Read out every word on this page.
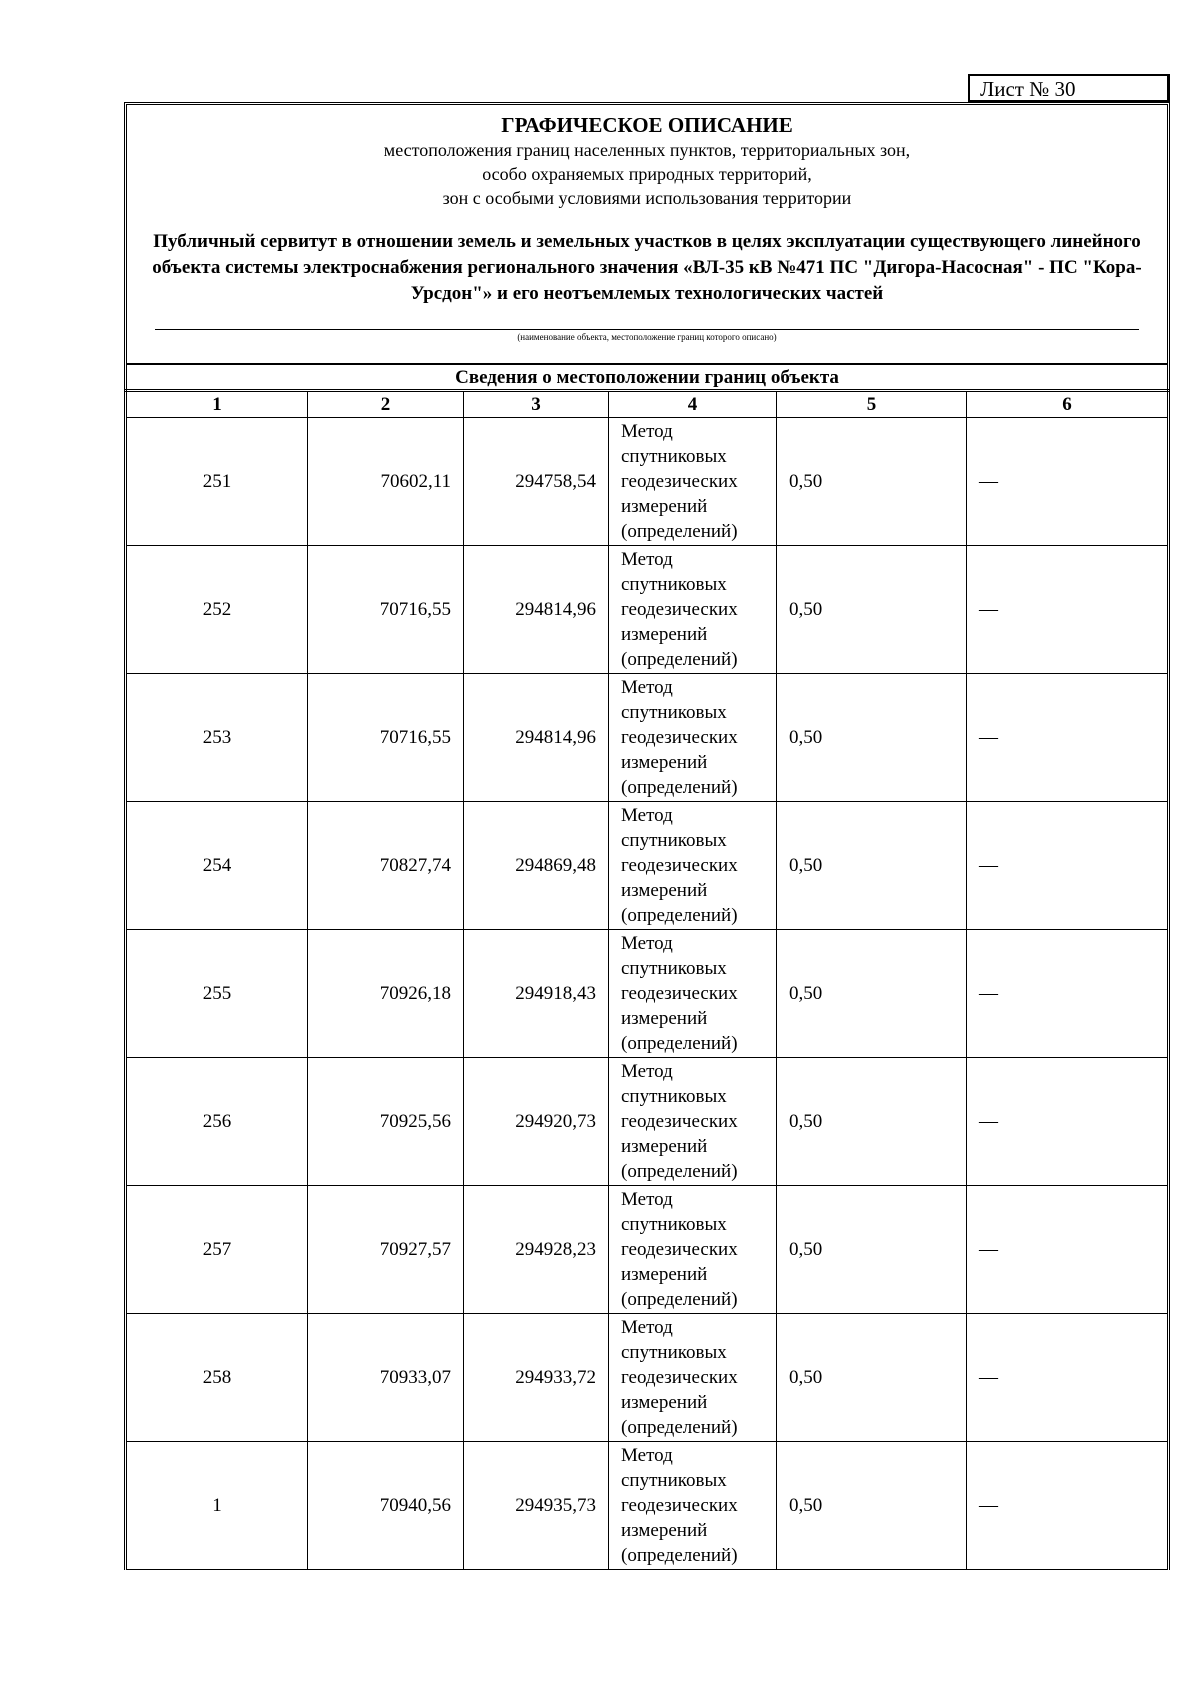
Лист № 30
ГРАФИЧЕСКОЕ ОПИСАНИЕ
местоположения границ населенных пунктов, территориальных зон,
особо охраняемых природных территорий,
зон с особыми условиями использования территории
Публичный сервитут в отношении земель и земельных участков в целях эксплуатации существующего линейного объекта системы электроснабжения регионального значения «ВЛ-35 кВ №471 ПС "Дигора-Насосная" - ПС "Кора-Урсдон"» и его неотъемлемых технологических частей
(наименование объекта, местоположение границ которого описано)
Сведения о местоположении границ объекта
1	2	3	4	5	6
251	70602,11	294758,54	Метод спутниковых геодезических измерений (определений)	0,50	—
252	70716,55	294814,96	Метод спутниковых геодезических измерений (определений)	0,50	—
253	70716,55	294814,96	Метод спутниковых геодезических измерений (определений)	0,50	—
254	70827,74	294869,48	Метод спутниковых геодезических измерений (определений)	0,50	—
255	70926,18	294918,43	Метод спутниковых геодезических измерений (определений)	0,50	—
256	70925,56	294920,73	Метод спутниковых геодезических измерений (определений)	0,50	—
257	70927,57	294928,23	Метод спутниковых геодезических измерений (определений)	0,50	—
258	70933,07	294933,72	Метод спутниковых геодезических измерений (определений)	0,50	—
1	70940,56	294935,73	Метод спутниковых геодезических измерений (определений)	0,50	—
